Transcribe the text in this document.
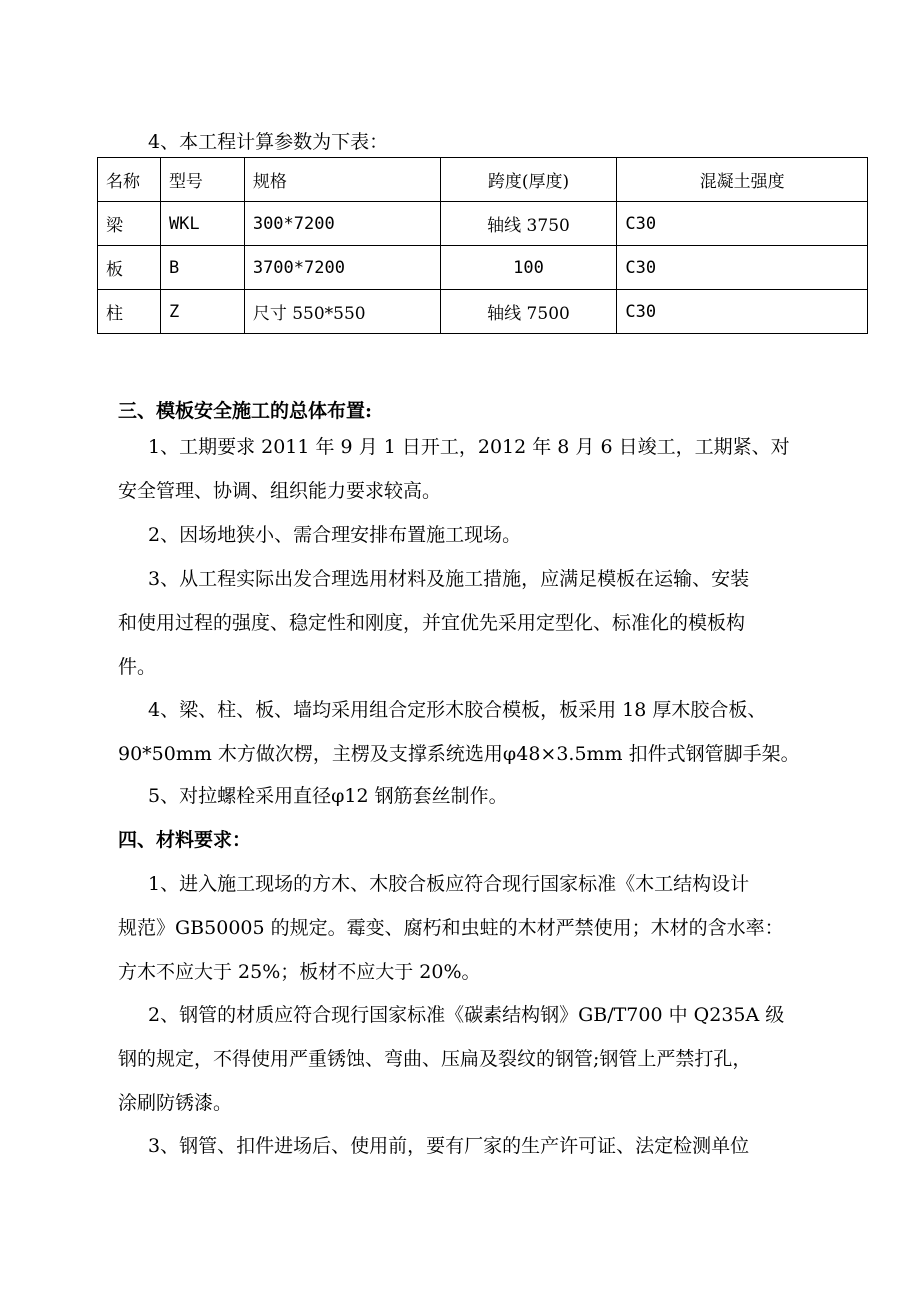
4、本工程计算参数为下表：
名称	型号	规格	跨度(厚度)	混凝土强度
梁	WKL	300*7200	轴线 3750	C30
板	B	3700*7200	100	C30
柱	Z	尺寸 550*550	轴线 7500	C30
三、模板安全施工的总体布置:
1、工期要求 2011 年 9 月 1 日开工，2012 年 8 月 6 日竣工，工期紧、对
安全管理、协调、组织能力要求较高。
2、因场地狭小、需合理安排布置施工现场。
3、从工程实际出发合理选用材料及施工措施，应满足模板在运输、安装
和使用过程的强度、稳定性和刚度，并宜优先采用定型化、标准化的模板构
件。
4、梁、柱、板、墙均采用组合定形木胶合模板，板采用 18 厚木胶合板、
90*50mm 木方做次楞，主楞及支撑系统选用φ48×3.5mm 扣件式钢管脚手架。
5、对拉螺栓采用直径φ12 钢筋套丝制作。
四、材料要求：
1、进入施工现场的方木、木胶合板应符合现行国家标准《木工结构设计
规范》GB50005 的规定。霉变、腐朽和虫蛀的木材严禁使用；木材的含水率：
方木不应大于 25%；板材不应大于 20%。
2、钢管的材质应符合现行国家标准《碳素结构钢》GB/T700 中 Q235A 级
钢的规定，不得使用严重锈蚀、弯曲、压扁及裂纹的钢管;钢管上严禁打孔，
涂刷防锈漆。
3、钢管、扣件进场后、使用前，要有厂家的生产许可证、法定检测单位
